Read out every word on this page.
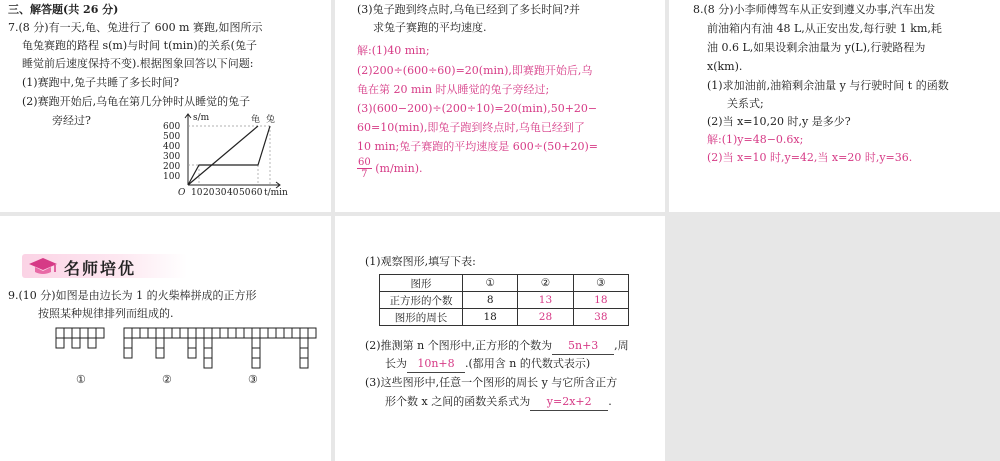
三、解答题(共 26 分)
7.(8 分)有一天,龟、兔进行了 600 m 赛跑,如图所示
龟兔赛跑的路程 s(m)与时间 t(min)的关系(兔子
睡觉前后速度保持不变).根据图象回答以下问题:
(1)赛跑中,兔子共睡了多长时间?
(2)赛跑开始后,乌龟在第几分钟时从睡觉的兔子
旁经过?	s/m
600
500
400
300
200
100
O 10 20 30 40 50 60 t/min
龟 兔
(3)兔子跑到终点时,乌龟已经到了多长时间?并
求兔子赛跑的平均速度.
解:(1)40 min;
(2)200÷(600÷60)=20(min),即赛跑开始后,乌
龟在第 20 min 时从睡觉的兔子旁经过;
(3)(600−200)÷(200÷10)=20(min),50+20−
60=10(min),即兔子跑到终点时,乌龟已经到了
10 min;兔子赛跑的平均速度是 600÷(50+20)=
$\frac{60}{7} (m/\min)$.
8.(8 分)小李师傅驾车从正安到遵义办事,汽车出发
前油箱内有油 48 L,从正安出发,每行驶 1 km,耗
油 0.6 L,如果设剩余油量为 y(L),行驶路程为
x(km).
(1)求加油前,油箱剩余油量 y 与行驶时间 t 的函数
关系式;
(2)当 x=10,20 时,y 是多少?
解:(1)y=48−0.6x;
(2)当 x=10 时,y=42,当 x=20 时,y=36.
名师培优
9.(10 分)如图是由边长为 1 的火柴棒拼成的正方形
按照某种规律排列而组成的.
①	②	③
(1)观察图形,填写下表:
图形	①	②	③
正方形的个数	8	13	18
图形的周长	18	28	38
(2)推测第 n 个图形中,正方形的个数为 5n+3 ,周
长为 10n+8 .(都用含 n 的代数式表示)
(3)这些图形中,任意一个图形的周长 y 与它所含正方
形个数 x 之间的函数关系式为 y=2x+2 .
